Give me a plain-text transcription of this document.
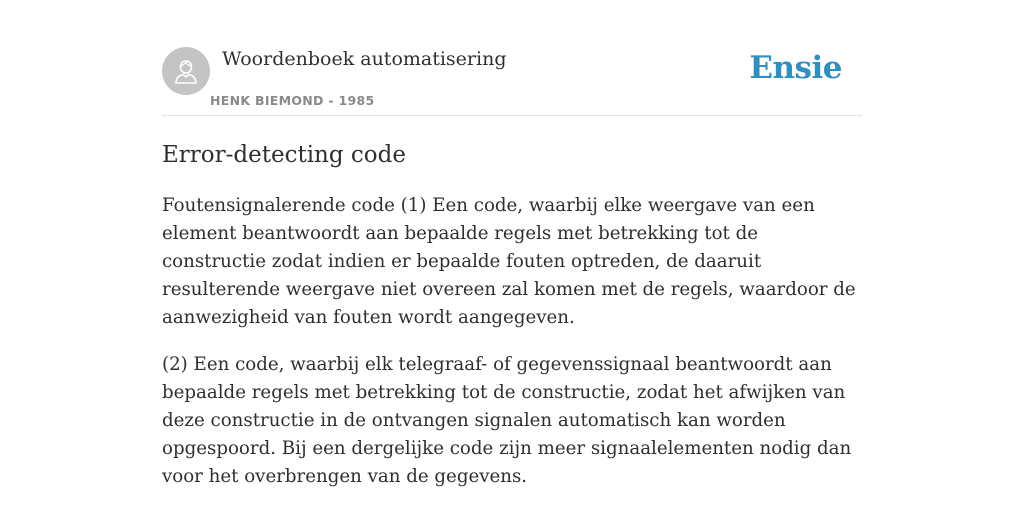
Woordenboek automatisering
HENK BIEMOND - 1985
Ensie
Error-detecting code

Foutensignalerende code (1) Een code, waarbij elke weergave van een element beantwoordt aan bepaalde regels met betrekking tot de constructie zodat indien er bepaalde fouten optreden, de daaruit resulterende weergave niet overeen zal komen met de regels, waardoor de aanwezigheid van fouten wordt aangegeven.

(2) Een code, waarbij elk telegraaf- of gegevenssignaal beantwoordt aan bepaalde regels met betrekking tot de constructie, zodat het afwijken van deze constructie in de ontvangen signalen automatisch kan worden opgespoord. Bij een dergelijke code zijn meer signaalelementen nodig dan voor het overbrengen van de gegevens.
